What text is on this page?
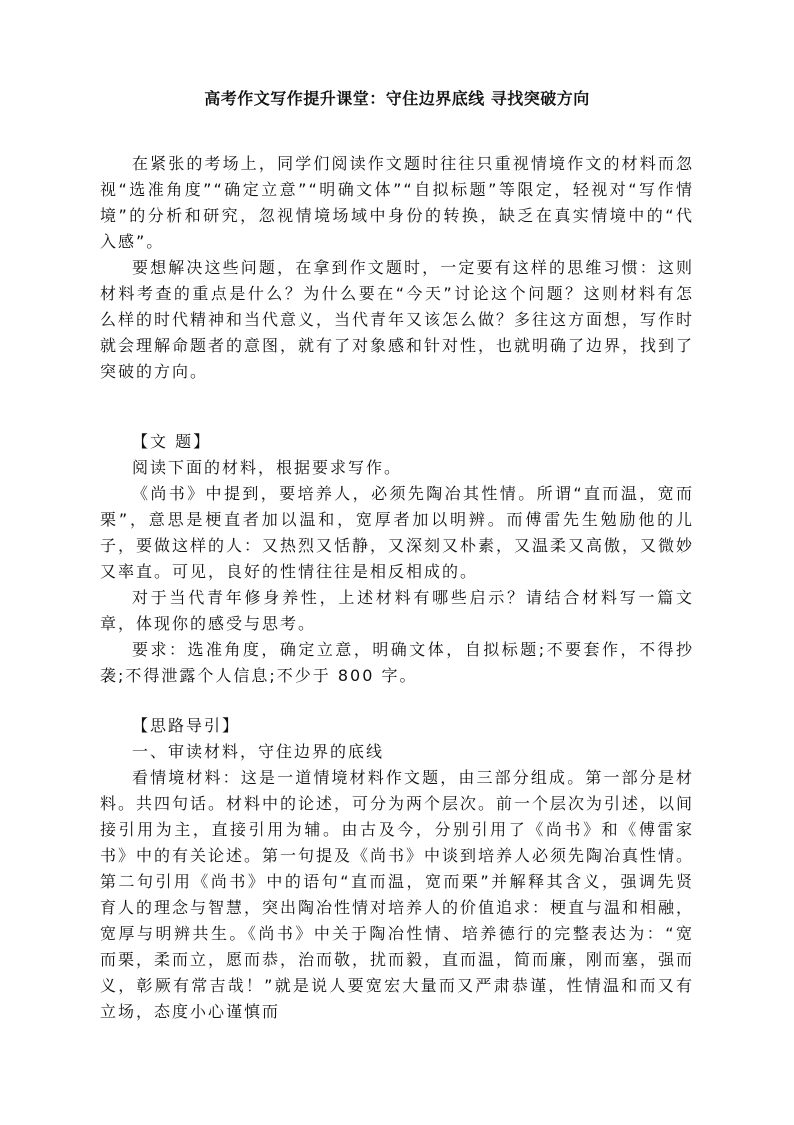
高考作文写作提升课堂：守住边界底线 寻找突破方向

在紧张的考场上，同学们阅读作文题时往往只重视情境作文的材料而忽视“选准角度”“确定立意”“明确文体”“自拟标题”等限定，轻视对“写作情境”的分析和研究，忽视情境场域中身份的转换，缺乏在真实情境中的“代入感”。

要想解决这些问题，在拿到作文题时，一定要有这样的思维习惯：这则材料考查的重点是什么？为什么要在“今天”讨论这个问题？这则材料有怎么样的时代精神和当代意义，当代青年又该怎么做？多往这方面想，写作时就会理解命题者的意图，就有了对象感和针对性，也就明确了边界，找到了突破的方向。

【文 题】

阅读下面的材料，根据要求写作。

《尚书》中提到，要培养人，必须先陶冶其性情。所谓“直而温，宽而栗”，意思是梗直者加以温和，宽厚者加以明辨。而傅雷先生勉励他的儿子，要做这样的人：又热烈又恬静，又深刻又朴素，又温柔又高傲，又微妙又率直。可见，良好的性情往往是相反相成的。

对于当代青年修身养性，上述材料有哪些启示？请结合材料写一篇文章，体现你的感受与思考。

要求：选准角度，确定立意，明确文体，自拟标题;不要套作，不得抄袭;不得泄露个人信息;不少于 800 字。

【思路导引】

一、审读材料，守住边界的底线

看情境材料：这是一道情境材料作文题，由三部分组成。第一部分是材料。共四句话。材料中的论述，可分为两个层次。前一个层次为引述，以间接引用为主，直接引用为辅。由古及今，分别引用了《尚书》和《傅雷家书》中的有关论述。第一句提及《尚书》中谈到培养人必须先陶冶真性情。第二句引用《尚书》中的语句“直而温，宽而栗”并解释其含义，强调先贤育人的理念与智慧，突出陶冶性情对培养人的价值追求：梗直与温和相融，宽厚与明辨共生。《尚书》中关于陶冶性情、培养德行的完整表达为：“宽而栗，柔而立，愿而恭，治而敬，扰而毅，直而温，简而廉，刚而塞，强而义，彰厥有常吉哉！”就是说人要宽宏大量而又严肃恭谨，性情温和而又有立场，态度小心谨慎而
